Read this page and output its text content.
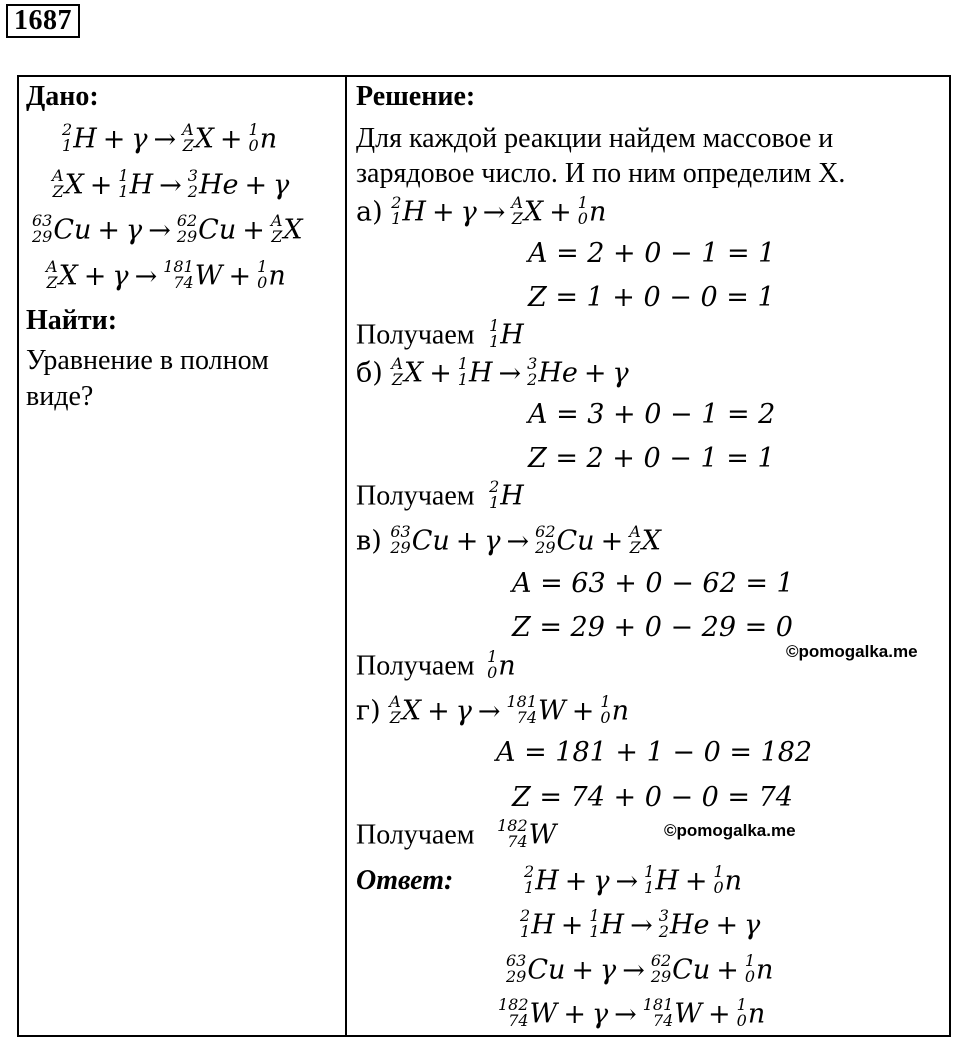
1687
Дано:
2
1 H + γ → A
Z X + 1
0 n
A
Z X + 1
1 H → 3
2 He + γ
63
29 Cu + γ → 62
29 Cu + A
Z X
A
Z X + γ → 181
74 W + 1
0 n
Найти:
Уравнение в полном
виде?
Решение:
Для каждой реакции найдем массовое и
зарядовое число. И по ним определим X.
а) 2
1 H + γ → A
Z X + 1
0 n
A = 2 + 0 − 1 = 1
Z = 1 + 0 − 0 = 1
Получаем 1
1 H
б) A
Z X + 1
1 H → 3
2 He + γ
A = 3 + 0 − 1 = 2
Z = 2 + 0 − 1 = 1
Получаем 2
1 H
в) 63
29 Cu + γ → 62
29 Cu + A
Z X
A = 63 + 0 − 62 = 1
Z = 29 + 0 − 29 = 0
©pomogalka.me
Получаем 1
0 n
г) A
Z X + γ → 181
74 W + 1
0 n
A = 181 + 1 − 0 = 182
Z = 74 + 0 − 0 = 74
Получаем 182
74 W	©pomogalka.me
Ответ:	2
1 H + γ → 1
1 H + 1
0 n
2
1 H + 1
1 H → 3
2 He + γ
63
29 Cu + γ → 62
29 Cu + 1
0 n
182
74 W + γ → 181
74 W + 1
0 n
